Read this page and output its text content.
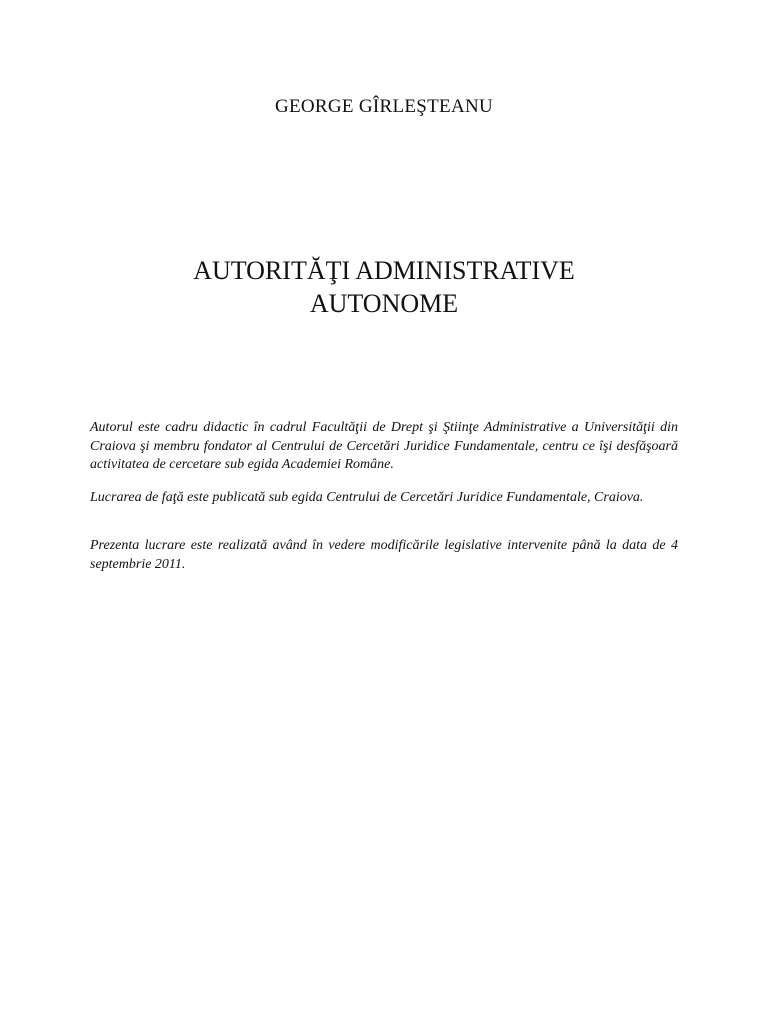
GEORGE GÎRLEŞTEANU
AUTORITĂŢI ADMINISTRATIVE
AUTONOME

Autorul este cadru didactic în cadrul Facultăţii de Drept şi Ştiinţe Administrative a Universităţii din Craiova şi membru fondator al Centrului de Cercetări Juridice Fundamentale, centru ce îşi desfăşoară activitatea de cercetare sub egida Academiei Române.

Lucrarea de faţă este publicată sub egida Centrului de Cercetări Juridice Fundamentale, Craiova.

Prezenta lucrare este realizată având în vedere modificările legislative intervenite până la data de 4 septembrie 2011.
